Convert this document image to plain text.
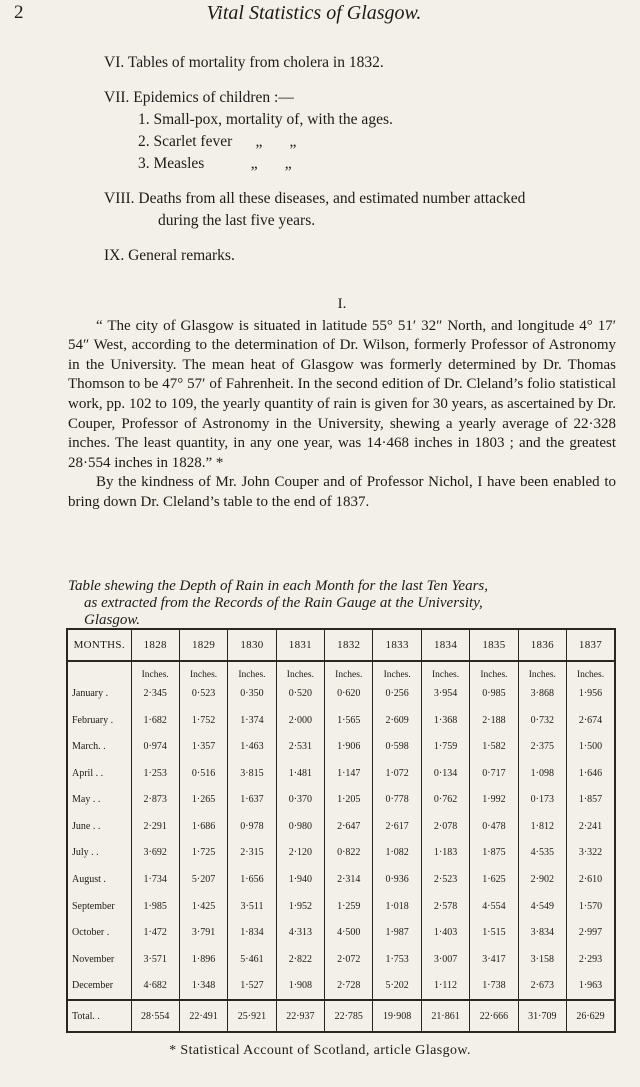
2	Vital Statistics of Glasgow.
VI. Tables of mortality from cholera in 1832.
VII. Epidemics of children :—
1. Small-pox, mortality of, with the ages.
2. Scarlet fever      „       „
3. Measles            „       „
VIII. Deaths from all these diseases, and estimated number attacked
during the last five years.
IX. General remarks.

I.

“ The city of Glasgow is situated in latitude 55° 51′ 32″ North, and longitude 4° 17′ 54″ West, according to the determination of Dr. Wilson, formerly Professor of Astronomy in the University. The mean heat of Glasgow was formerly determined by Dr. Thomas Thomson to be 47° 57′ of Fahrenheit. In the second edition of Dr. Cleland’s folio statistical work, pp. 102 to 109, the yearly quantity of rain is given for 30 years, as ascertained by Dr. Couper, Professor of Astronomy in the University, shewing a yearly average of 22·328 inches. The least quantity, in any one year, was 14·468 inches in 1803 ; and the greatest 28·554 inches in 1828.” *

By the kindness of Mr. John Couper and of Professor Nichol, I have been enabled to bring down Dr. Cleland’s table to the end of 1837.

Table shewing the Depth of Rain in each Month for the last Ten Years,
as extracted from the Records of the Rain Gauge at the University,
Glasgow.
MONTHS.	1828	1829	1830	1831	1832	1833	1834	1835	1836	1837
	Inches.	Inches.	Inches.	Inches.	Inches.	Inches.	Inches.	Inches.	Inches.	Inches.
January .	2·345	0·523	0·350	0·520	0·620	0·256	3·954	0·985	3·868	1·956
February .	1·682	1·752	1·374	2·000	1·565	2·609	1·368	2·188	0·732	2·674
March. .	0·974	1·357	1·463	2·531	1·906	0·598	1·759	1·582	2·375	1·500
April . .	1·253	0·516	3·815	1·481	1·147	1·072	0·134	0·717	1·098	1·646
May . .	2·873	1·265	1·637	0·370	1·205	0·778	0·762	1·992	0·173	1·857
June . .	2·291	1·686	0·978	0·980	2·647	2·617	2·078	0·478	1·812	2·241
July . .	3·692	1·725	2·315	2·120	0·822	1·082	1·183	1·875	4·535	3·322
August .	1·734	5·207	1·656	1·940	2·314	0·936	2·523	1·625	2·902	2·610
September	1·985	1·425	3·511	1·952	1·259	1·018	2·578	4·554	4·549	1·570
October .	1·472	3·791	1·834	4·313	4·500	1·987	1·403	1·515	3·834	2·997
November	3·571	1·896	5·461	2·822	2·072	1·753	3·007	3·417	3·158	2·293
December	4·682	1·348	1·527	1·908	2·728	5·202	1·112	1·738	2·673	1·963
Total. .	28·554	22·491	25·921	22·937	22·785	19·908	21·861	22·666	31·709	26·629
* Statistical Account of Scotland, article Glasgow.
